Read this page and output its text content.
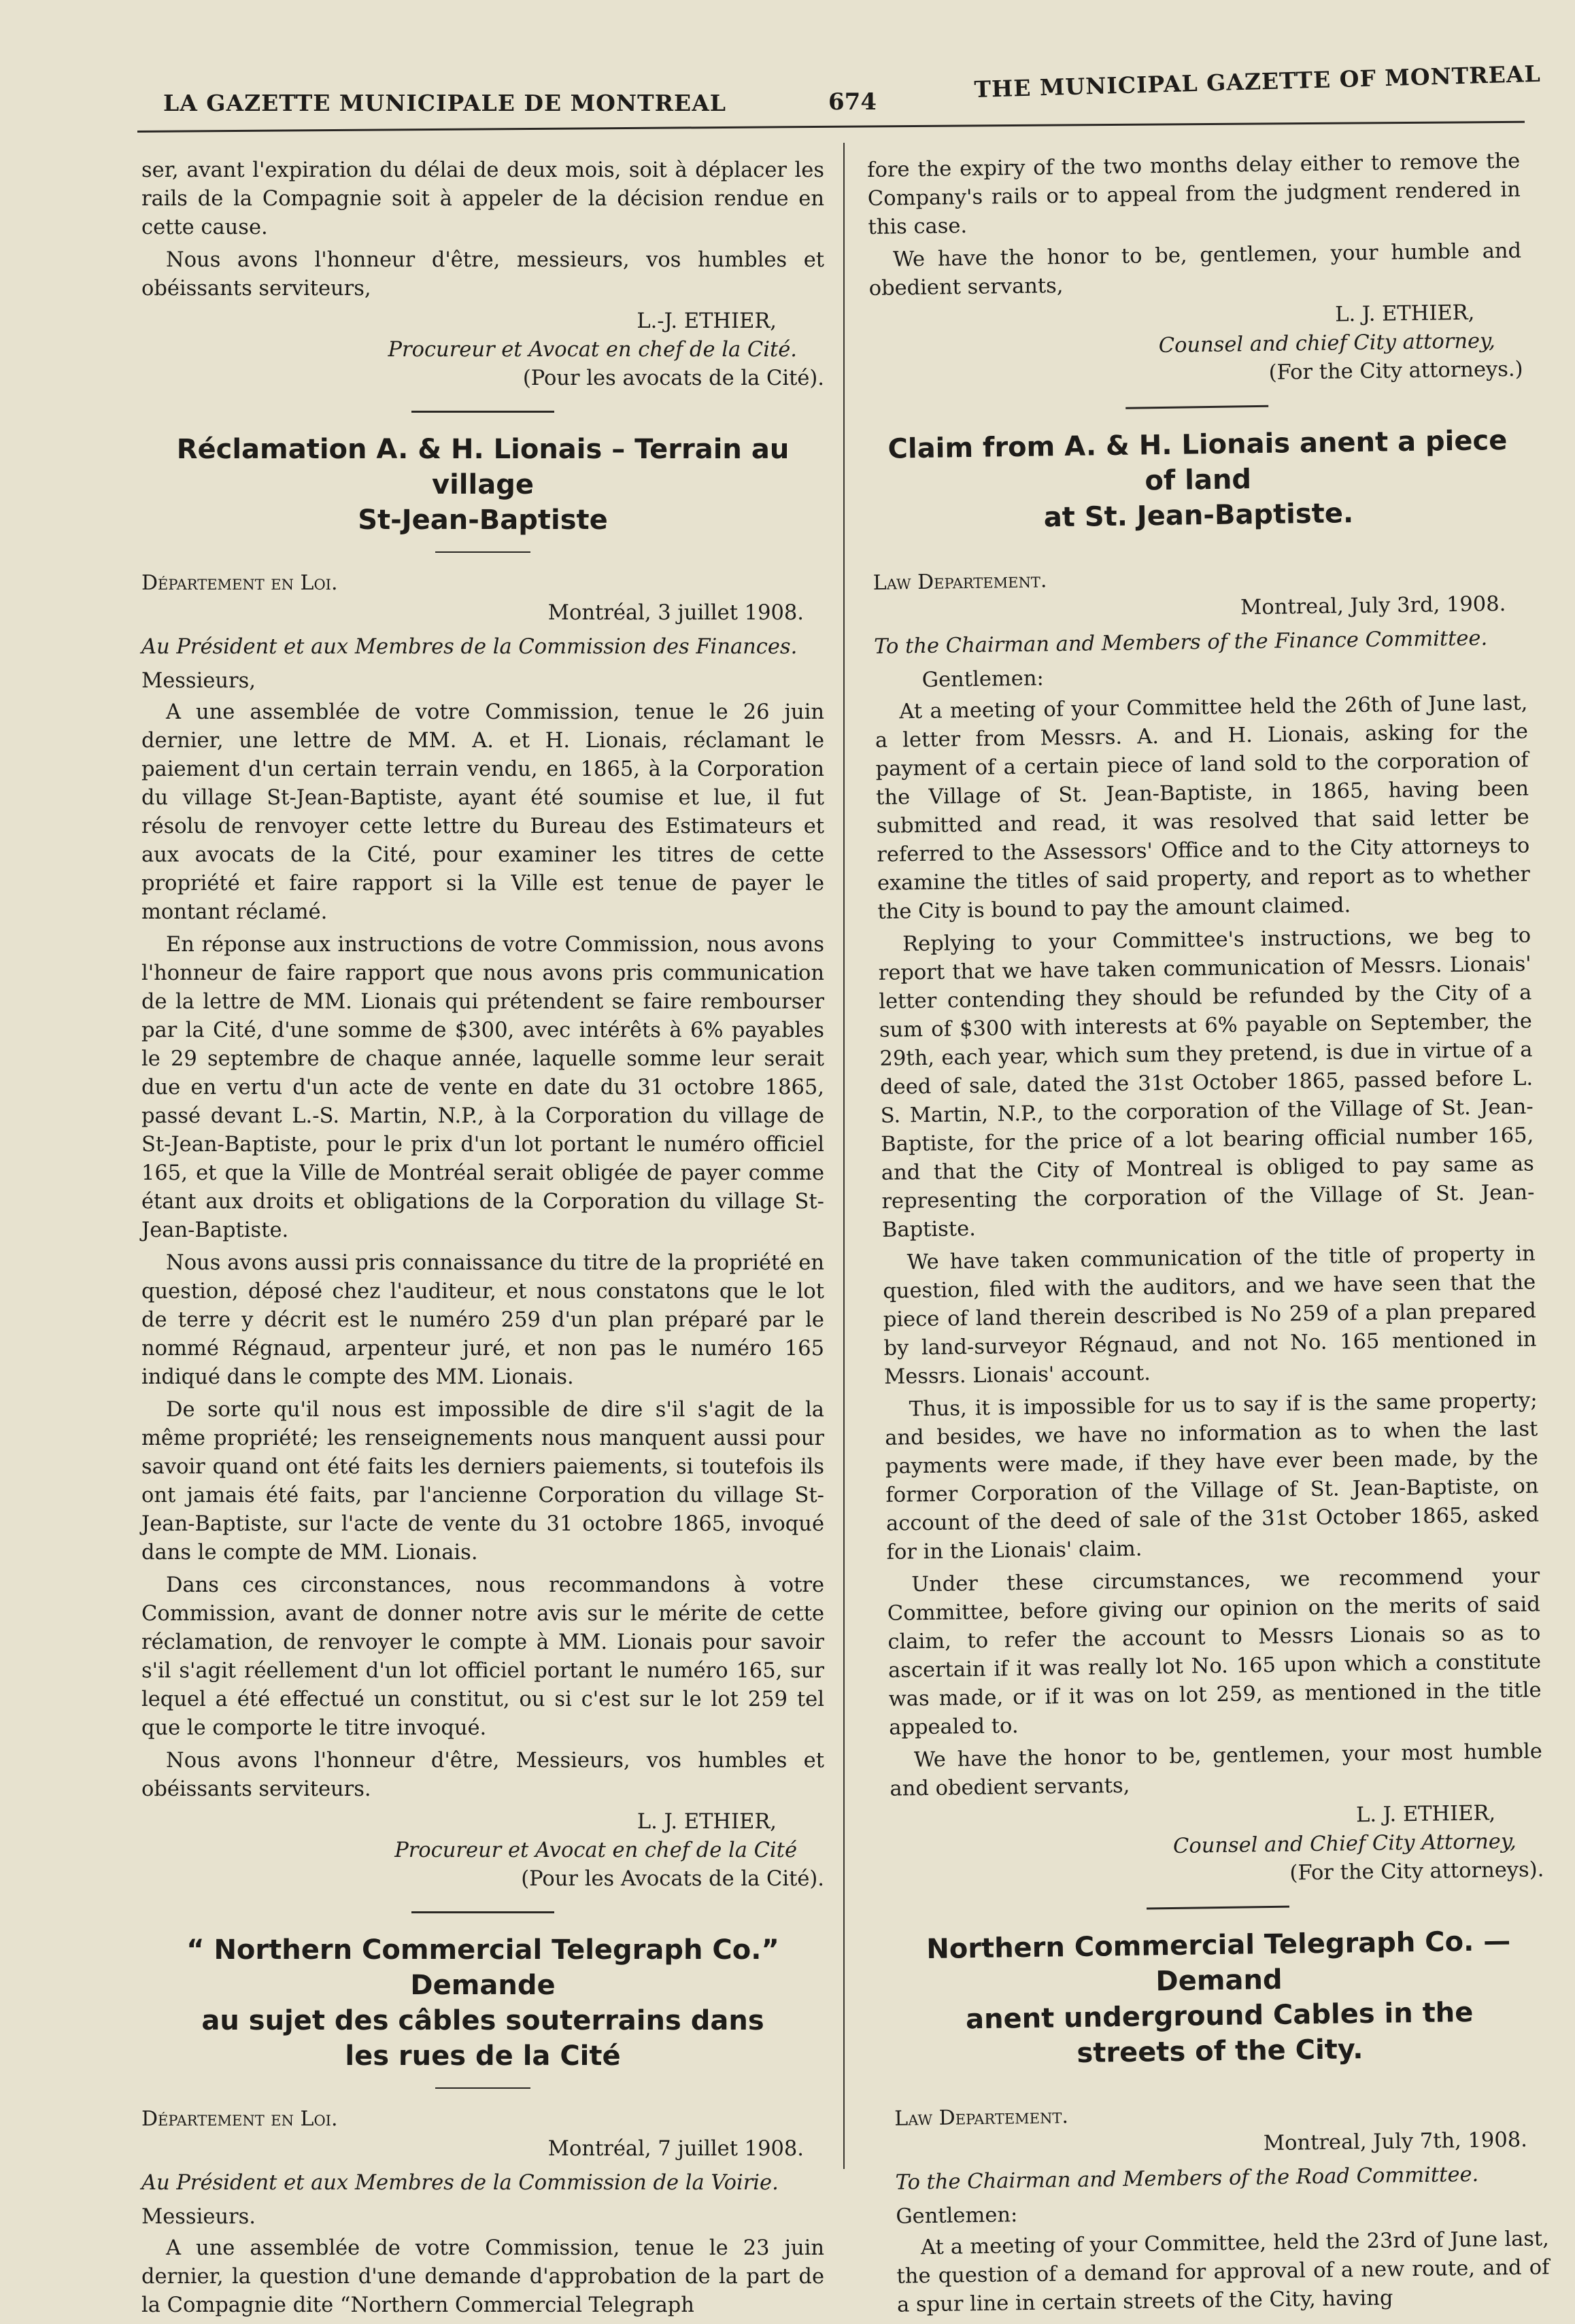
LA GAZETTE MUNICIPALE DE MONTREAL	674	THE MUNICIPAL GAZETTE OF MONTREAL

ser, avant l'expiration du délai de deux mois, soit à déplacer les rails de la Compagnie soit à appeler de la décision rendue en cette cause.

Nous avons l'honneur d'être, messieurs, vos humbles et obéissants serviteurs,

L.-J. ETHIER,

Procureur et Avocat en chef de la Cité.

(Pour les avocats de la Cité).

Réclamation A. & H. Lionais – Terrain au village
St-Jean-Baptiste

Département en Loi.

Montréal, 3 juillet 1908.

Au Président et aux Membres de la Commission des Finances.

Messieurs,

A une assemblée de votre Commission, tenue le 26 juin dernier, une lettre de MM. A. et H. Lionais, réclamant le paiement d'un certain terrain vendu, en 1865, à la Corporation du village St-Jean-Baptiste, ayant été soumise et lue, il fut résolu de renvoyer cette lettre du Bureau des Estimateurs et aux avocats de la Cité, pour examiner les titres de cette propriété et faire rapport si la Ville est tenue de payer le montant réclamé.

En réponse aux instructions de votre Commission, nous avons l'honneur de faire rapport que nous avons pris communication de la lettre de MM. Lionais qui prétendent se faire rembourser par la Cité, d'une somme de $300, avec intérêts à 6% payables le 29 septembre de chaque année, laquelle somme leur serait due en vertu d'un acte de vente en date du 31 octobre 1865, passé devant L.-S. Martin, N.P., à la Corporation du village de St-Jean-Baptiste, pour le prix d'un lot portant le numéro officiel 165, et que la Ville de Montréal serait obligée de payer comme étant aux droits et obligations de la Corporation du village St-Jean-Baptiste.

Nous avons aussi pris connaissance du titre de la propriété en question, déposé chez l'auditeur, et nous constatons que le lot de terre y décrit est le numéro 259 d'un plan préparé par le nommé Régnaud, arpenteur juré, et non pas le numéro 165 indiqué dans le compte des MM. Lionais.

De sorte qu'il nous est impossible de dire s'il s'agit de la même propriété; les renseignements nous manquent aussi pour savoir quand ont été faits les derniers paiements, si toutefois ils ont jamais été faits, par l'ancienne Corporation du village St-Jean-Baptiste, sur l'acte de vente du 31 octobre 1865, invoqué dans le compte de MM. Lionais.

Dans ces circonstances, nous recommandons à votre Commission, avant de donner notre avis sur le mérite de cette réclamation, de renvoyer le compte à MM. Lionais pour savoir s'il s'agit réellement d'un lot officiel portant le numéro 165, sur lequel a été effectué un constitut, ou si c'est sur le lot 259 tel que le comporte le titre invoqué.

Nous avons l'honneur d'être, Messieurs, vos humbles et obéissants serviteurs.

L. J. ETHIER,

Procureur et Avocat en chef de la Cité

(Pour les Avocats de la Cité).

“ Northern Commercial Telegraph Co.” Demande
au sujet des câbles souterrains dans
les rues de la Cité

Département en Loi.

Montréal, 7 juillet 1908.

Au Président et aux Membres de la Commission de la Voirie.

Messieurs.

A une assemblée de votre Commission, tenue le 23 juin dernier, la question d'une demande d'approbation de la part de la Compagnie dite “Northern Commercial Telegraph

fore the expiry of the two months delay either to remove the Company's rails or to appeal from the judgment rendered in this case.

We have the honor to be, gentlemen, your humble and obedient servants,

L. J. ETHIER,

Counsel and chief City attorney,

(For the City attorneys.)

Claim from A. & H. Lionais anent a piece of land
at St. Jean-Baptiste.

Law Departement.

Montreal, July 3rd, 1908.

To the Chairman and Members of the Finance Committee.

Gentlemen:

At a meeting of your Committee held the 26th of June last, a letter from Messrs. A. and H. Lionais, asking for the payment of a certain piece of land sold to the corporation of the Village of St. Jean-Baptiste, in 1865, having been submitted and read, it was resolved that said letter be referred to the Assessors' Office and to the City attorneys to examine the titles of said property, and report as to whether the City is bound to pay the amount claimed.

Replying to your Committee's instructions, we beg to report that we have taken communication of Messrs. Lionais' letter contending they should be refunded by the City of a sum of $300 with interests at 6% payable on September, the 29th, each year, which sum they pretend, is due in virtue of a deed of sale, dated the 31st October 1865, passed before L. S. Martin, N.P., to the corporation of the Village of St. Jean-Baptiste, for the price of a lot bearing official number 165, and that the City of Montreal is obliged to pay same as representing the corporation of the Village of St. Jean-Baptiste.

We have taken communication of the title of property in question, filed with the auditors, and we have seen that the piece of land therein described is No 259 of a plan prepared by land-surveyor Régnaud, and not No. 165 mentioned in Messrs. Lionais' account.

Thus, it is impossible for us to say if is the same property; and besides, we have no information as to when the last payments were made, if they have ever been made, by the former Corporation of the Village of St. Jean-Baptiste, on account of the deed of sale of the 31st October 1865, asked for in the Lionais' claim.

Under these circumstances, we recommend your Committee, before giving our opinion on the merits of said claim, to refer the account to Messrs Lionais so as to ascertain if it was really lot No. 165 upon which a constitute was made, or if it was on lot 259, as mentioned in the title appealed to.

We have the honor to be, gentlemen, your most humble and obedient servants,

L. J. ETHIER,

Counsel and Chief City Attorney,

(For the City attorneys).

Northern Commercial Telegraph Co. — Demand
anent underground Cables in the
streets of the City.

Law Departement.

Montreal, July 7th, 1908.

To the Chairman and Members of the Road Committee.

Gentlemen:

At a meeting of your Committee, held the 23rd of June last, the question of a demand for approval of a new route, and of a spur line in certain streets of the City, having
